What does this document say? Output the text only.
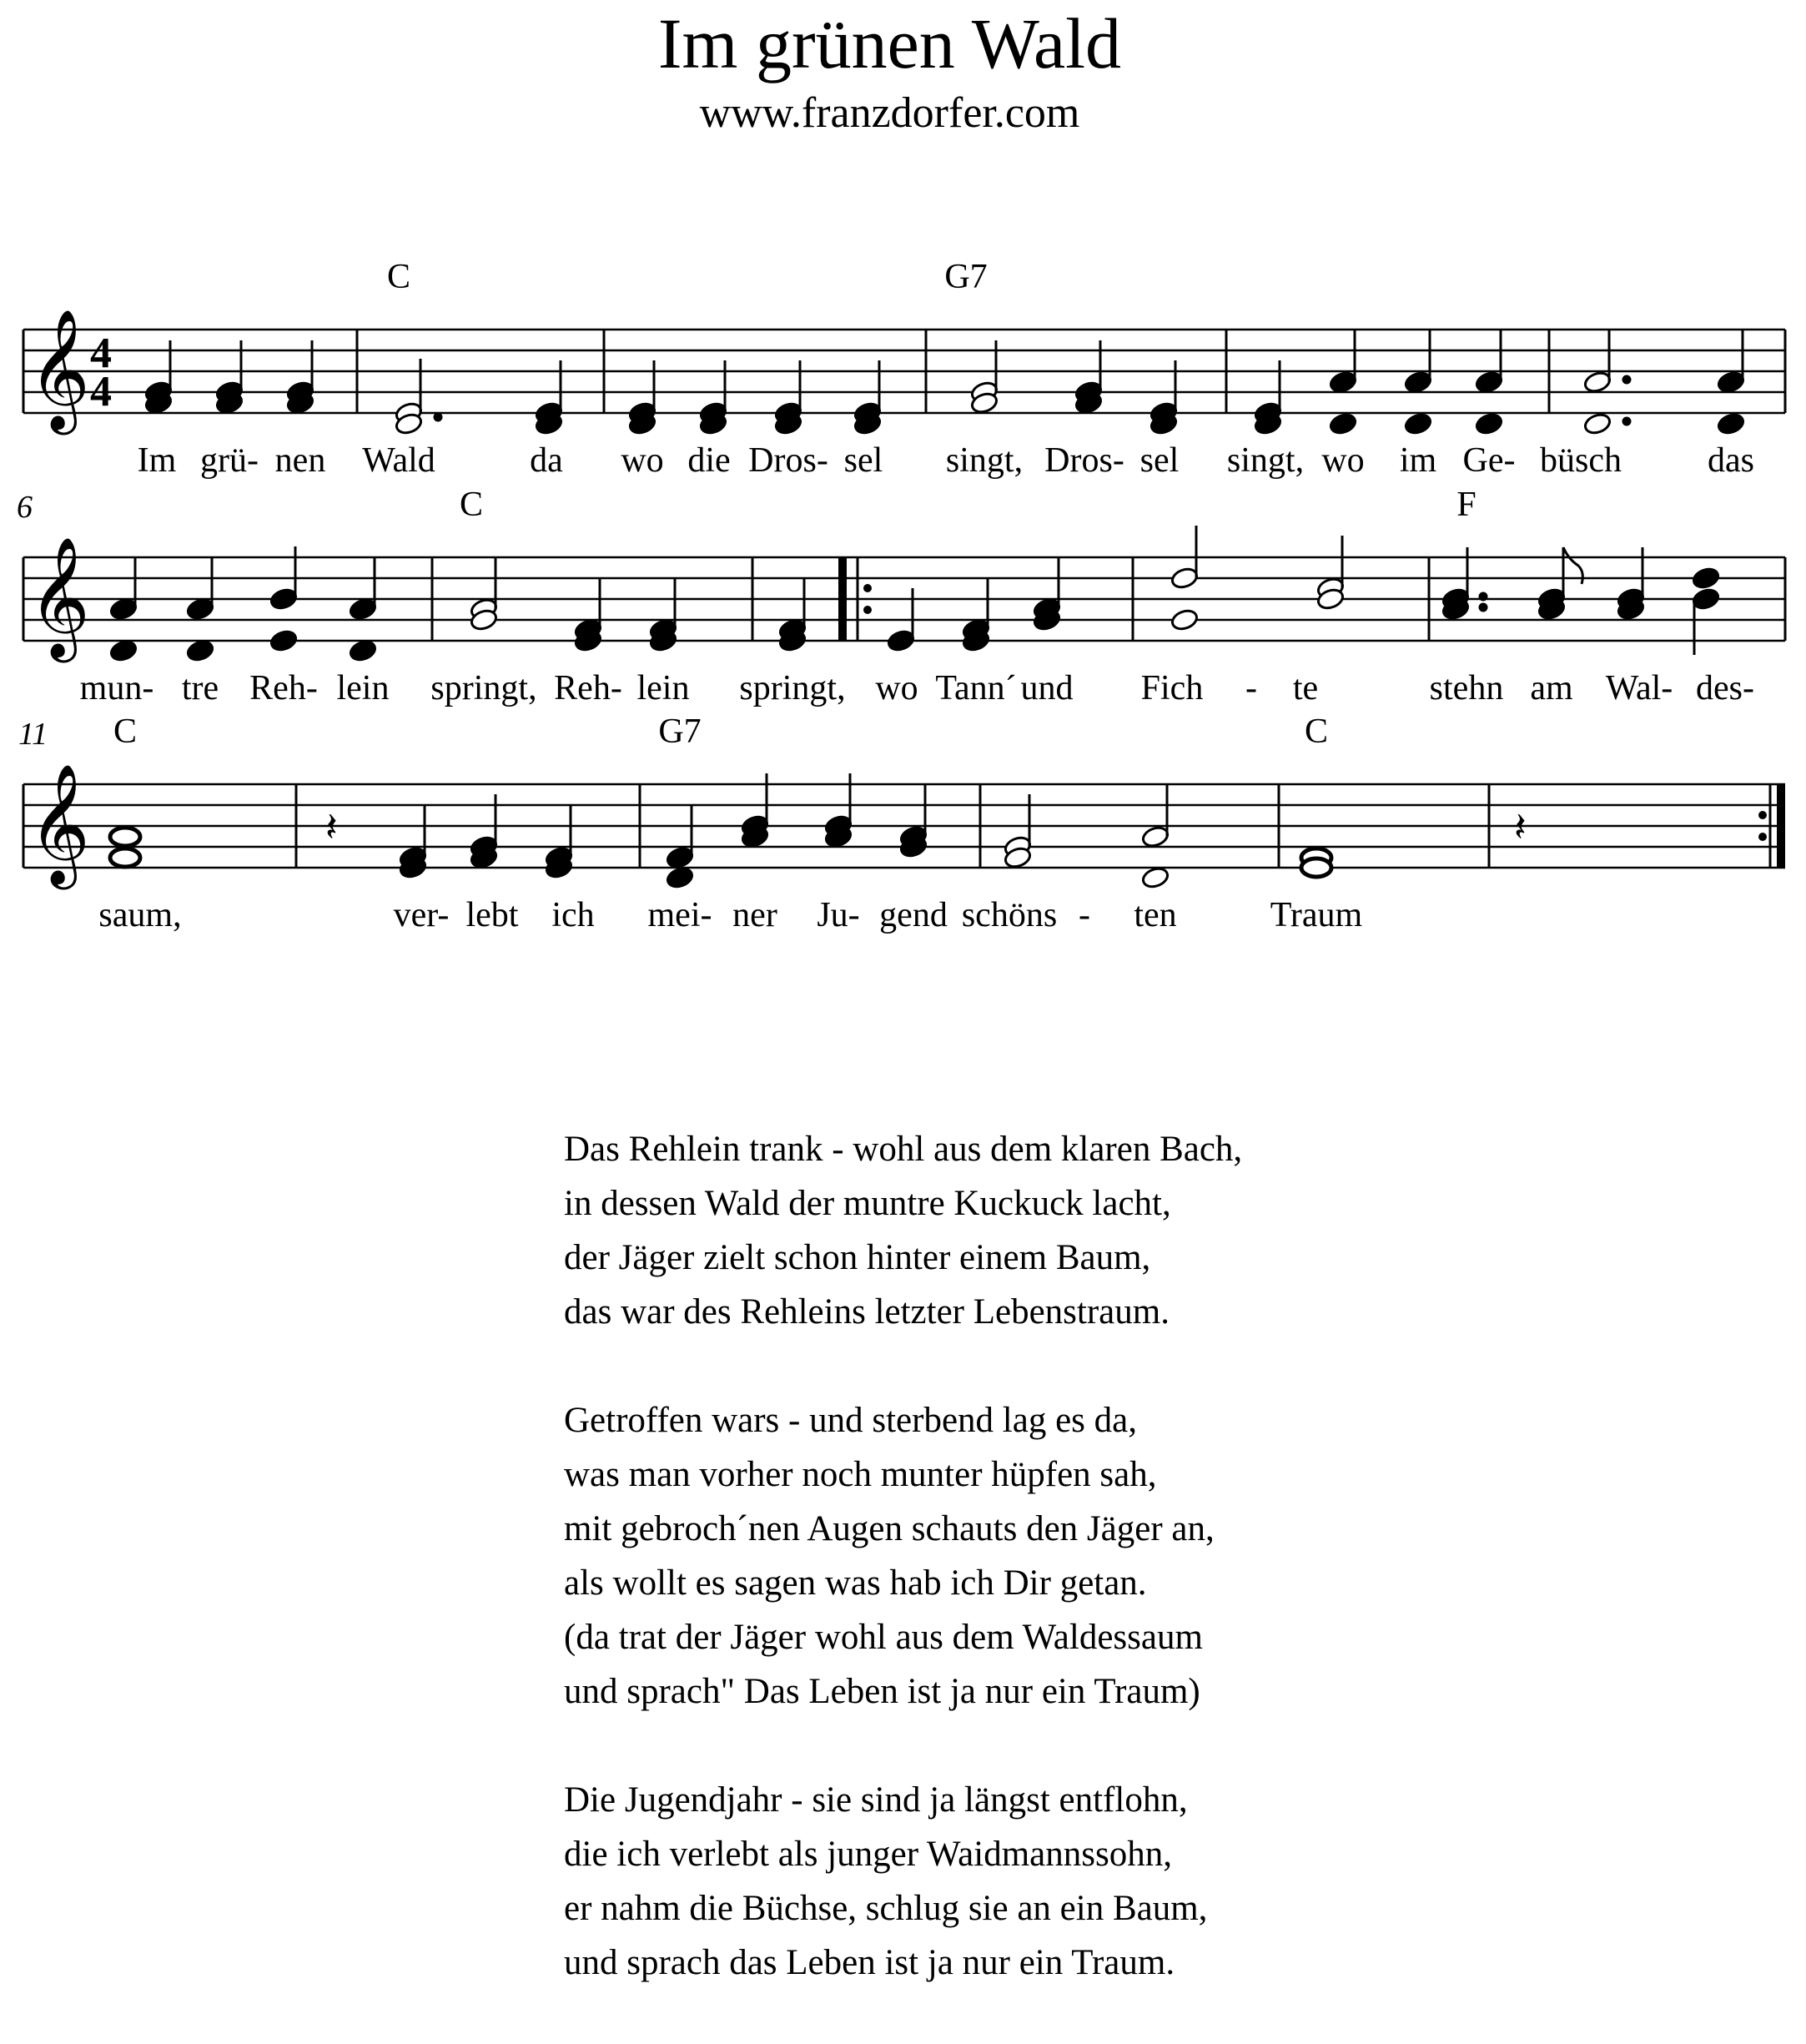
Im grünen Wald
www.franzdorfer.com
𝄞 4
4
C	G7
Im grü- nen Wald	da wo die Dros- sel singt, Dros- sel singt, wo im Ge- büsch das
6
𝄞
C	F
mun- tre Reh- lein springt, Reh- lein springt, wo Tann´ und Fich - te	stehn am Wal- des-
11
𝄞
C	G7	C
𝄽	𝄽
saum,	ver- lebt ich mei- ner Ju- gend schöns - ten	Traum
Das Rehlein trank - wohl aus dem klaren Bach,
in dessen Wald der muntre Kuckuck lacht,
der Jäger zielt schon hinter einem Baum,
das war des Rehleins letzter Lebenstraum.
Getroffen wars - und sterbend lag es da,
was man vorher noch munter hüpfen sah,
mit gebroch´nen Augen schauts den Jäger an,
als wollt es sagen was hab ich Dir getan.
(da trat der Jäger wohl aus dem Waldessaum
und sprach" Das Leben ist ja nur ein Traum)
Die Jugendjahr - sie sind ja längst entflohn,
die ich verlebt als junger Waidmannssohn,
er nahm die Büchse, schlug sie an ein Baum,
und sprach das Leben ist ja nur ein Traum.
